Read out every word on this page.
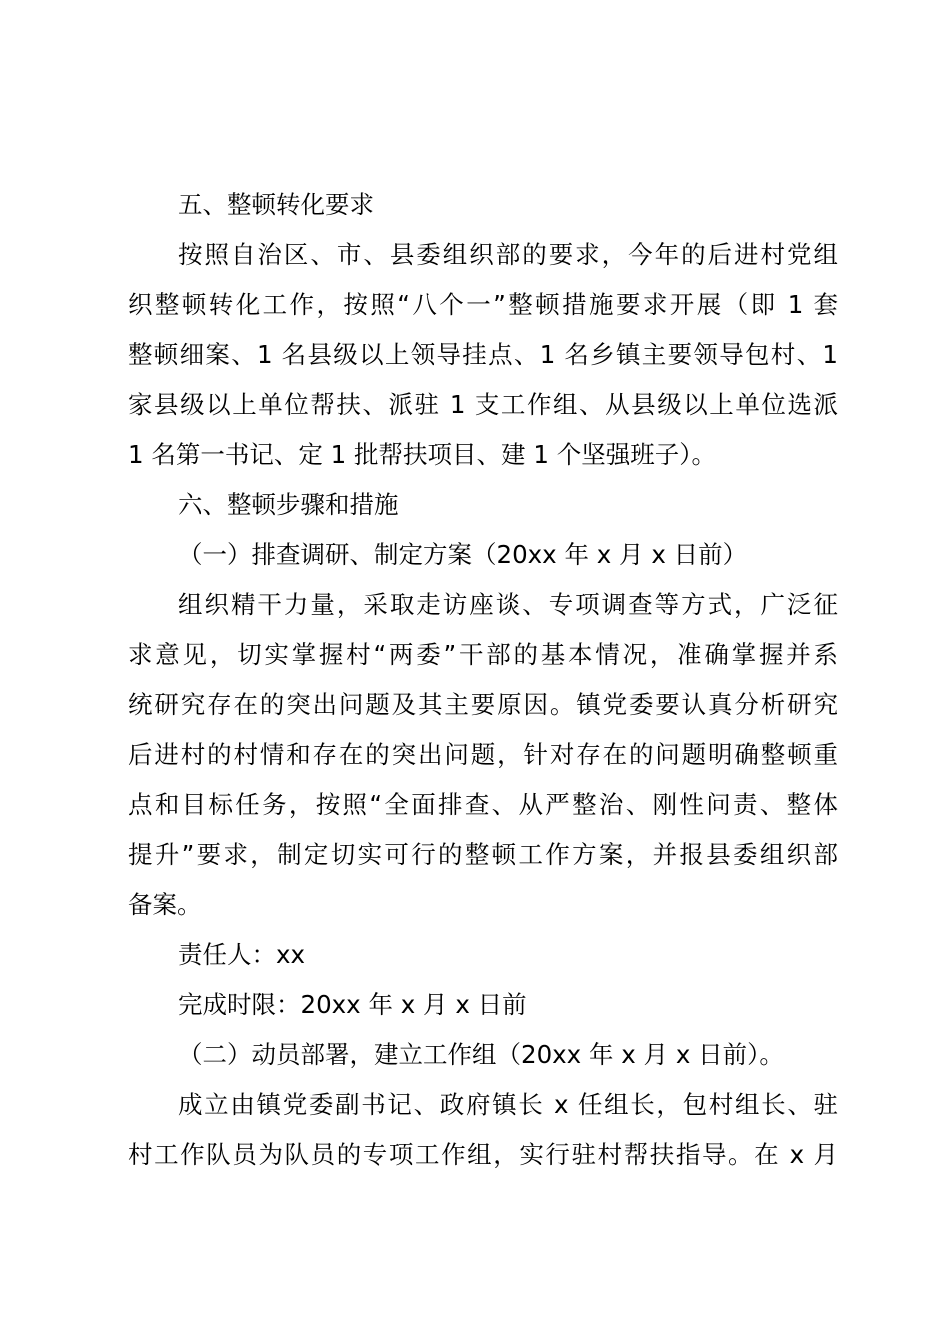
五、整顿转化要求
按照自治区、市、县委组织部的要求，今年的后进村党组
织整顿转化工作，按照“八个一”整顿措施要求开展（即 1 套
整顿细案、1 名县级以上领导挂点、1 名乡镇主要领导包村、1
家县级以上单位帮扶、派驻 1 支工作组、从县级以上单位选派
1 名第一书记、定 1 批帮扶项目、建 1 个坚强班子）。
六、整顿步骤和措施
（一）排查调研、制定方案（20xx 年 x 月 x 日前）
组织精干力量，采取走访座谈、专项调查等方式，广泛征
求意见，切实掌握村“两委”干部的基本情况，准确掌握并系
统研究存在的突出问题及其主要原因。镇党委要认真分析研究
后进村的村情和存在的突出问题，针对存在的问题明确整顿重
点和目标任务，按照“全面排查、从严整治、刚性问责、整体
提升”要求，制定切实可行的整顿工作方案，并报县委组织部
备案。
责任人：xx
完成时限：20xx 年 x 月 x 日前
（二）动员部署，建立工作组（20xx 年 x 月 x 日前）。
成立由镇党委副书记、政府镇长 x 任组长，包村组长、驻
村工作队员为队员的专项工作组，实行驻村帮扶指导。在 x 月
